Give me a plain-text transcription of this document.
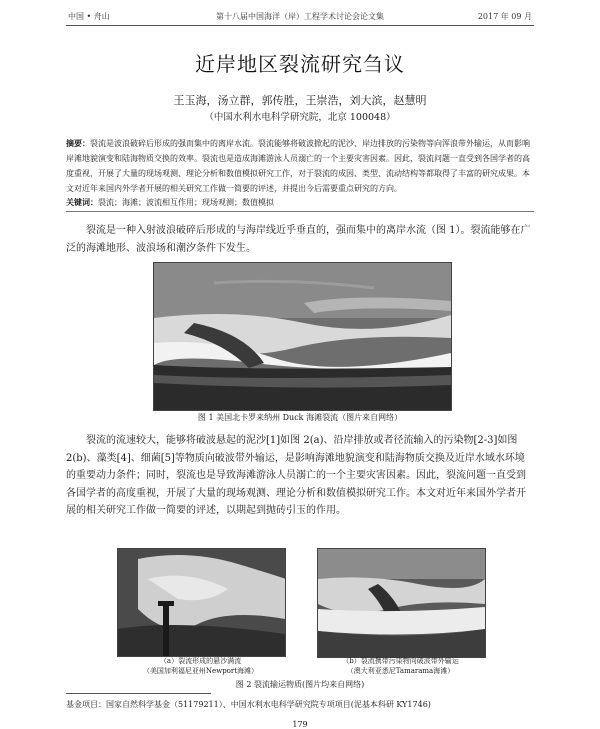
中国 • 舟山	第十八届中国海洋（岸）工程学术讨论会论文集	2017 年 09 月
近岸地区裂流研究刍议
王玉海，汤立群，郭传胜，王崇浩，刘大滨，赵慧明
（中国水利水电科学研究院，北京 100048）
摘要：裂流是波浪破碎后形成的强而集中的离岸水流。裂流能够将破波掀起的泥沙、岸边排放的污染物等向浑浪带外输运，从而影响岸滩地貌演变和陆海物质交换的效率。裂流也是造成海滩游泳人员溺亡的一个主要灾害因素。因此，裂流问题一直受到各国学者的高度重视，开展了大量的现场观测、理论分析和数值模拟研究工作，对于裂流的成因、类型、流动结构等都取得了丰富的研究成果。本文对近年来国内外学者开展的相关研究工作做一简要的评述，并提出今后需要重点研究的方向。
关键词：裂流；海滩；波流相互作用；现场观测；数值模拟
裂流是一种入射波浪破碎后形成的与海岸线近乎垂直的，强而集中的离岸水流（图 1）。裂流能够在广泛的海滩地形、波浪场和潮汐条件下发生。
图 1 美国北卡罗来纳州 Duck 海滩裂流（图片来自网络）
裂流的流速较大，能够将破波悬起的泥沙[1]如图 2(a)、沿岸排放或者径流输入的污染物[2-3]如图 2(b)、藻类[4]、细菌[5]等物质向破波带外输运，是影响海滩地貌演变和陆海物质交换及近岸水域水环境的重要动力条件；同时，裂流也是导致海滩游泳人员溺亡的一个主要灾害因素。因此，裂流问题一直受到各国学者的高度重视，开展了大量的现场观测、理论分析和数值模拟研究工作。本文对近年来国外学者开展的相关研究工作做一简要的评述，以期起到抛砖引玉的作用。
（a）裂流形成的悬沙满流
（美国加利福尼亚州Newport海滩）
（b）裂流携带污染物向破波带外输运
（澳大利亚悉尼Tamarama海滩）
图 2 裂流输运物质(图片均来自网络)
基金项目：国家自然科学基金（51179211）、中国水利水电科学研究院专项项目(泥基本科研 KY1746)
179
